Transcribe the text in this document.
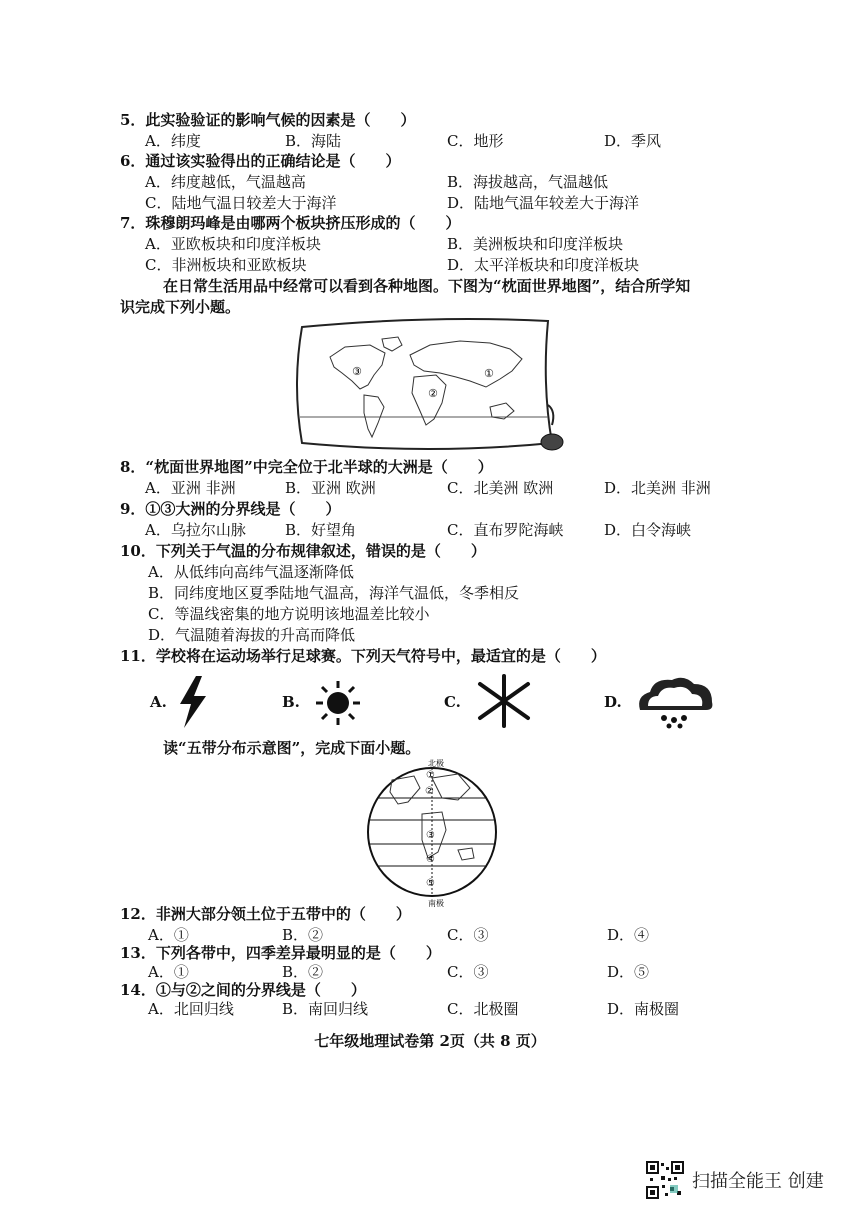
5．此实验验证的影响气候的因素是（　　）
A．纬度	B．海陆	C．地形	D．季风
6．通过该实验得出的正确结论是（　　）
A．纬度越低，气温越高	B．海拔越高，气温越低
C．陆地气温日较差大于海洋	D．陆地气温年较差大于海洋
7．珠穆朗玛峰是由哪两个板块挤压形成的（　　）
A．亚欧板块和印度洋板块	B．美洲板块和印度洋板块
C．非洲板块和亚欧板块	D．太平洋板块和印度洋板块
在日常生活用品中经常可以看到各种地图。下图为“枕面世界地图”，结合所学知
识完成下列小题。
③
②
①
8．“枕面世界地图”中完全位于北半球的大洲是（　　）
A．亚洲 非洲	B．亚洲 欧洲	C．北美洲 欧洲	D．北美洲 非洲
9．①③大洲的分界线是（　　）
A．乌拉尔山脉	B．好望角	C．直布罗陀海峡	D．白令海峡
10．下列关于气温的分布规律叙述，错误的是（　　）
A．从低纬向高纬气温逐渐降低
B．同纬度地区夏季陆地气温高，海洋气温低，冬季相反
C．等温线密集的地方说明该地温差比较小
D．气温随着海拔的升高而降低
11．学校将在运动场举行足球赛。下列天气符号中，最适宜的是（　　）
A.	B.	C.	D.
读“五带分布示意图”，完成下面小题。
北极
南极
②
③
④
⑤
①
12．非洲大部分领土位于五带中的（　　）
A．①	B．②	C．③	D．④
13．下列各带中，四季差异最明显的是（　　）
A．①	B．②	C．③	D．⑤
14．①与②之间的分界线是（　　）
A．北回归线	B．南回归线	C．北极圈	D．南极圈
七年级地理试卷第 2页（共 8 页）
扫描全能王 创建
